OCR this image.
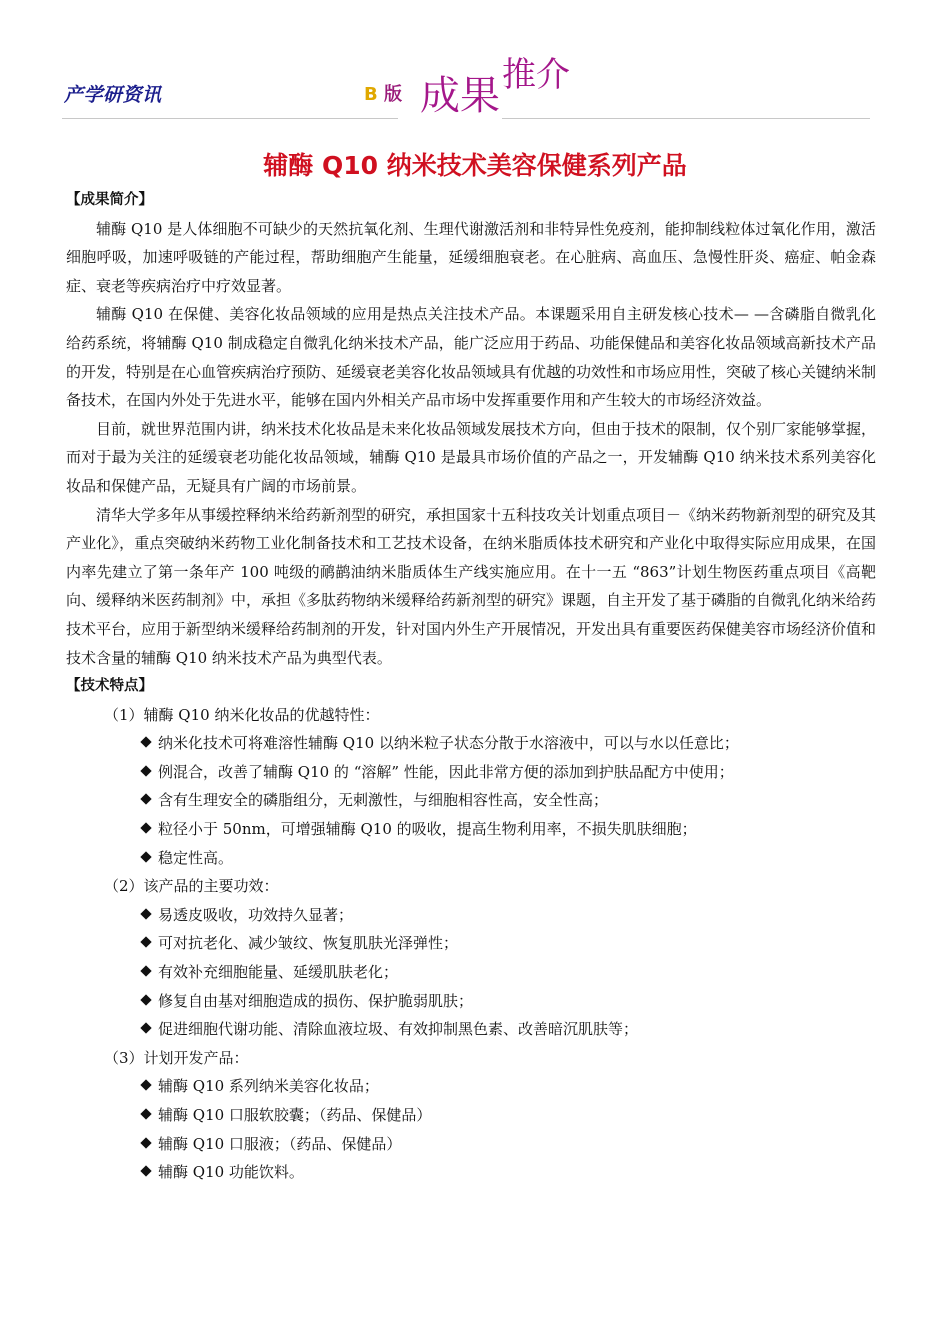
产学研资讯	B 版 成果 推介
辅酶 Q10 纳米技术美容保健系列产品

【成果简介】

辅酶 Q10 是人体细胞不可缺少的天然抗氧化剂、生理代谢激活剂和非特异性免疫剂，能抑制线粒体过氧化作用，激活细胞呼吸，加速呼吸链的产能过程，帮助细胞产生能量，延缓细胞衰老。在心脏病、高血压、急慢性肝炎、癌症、帕金森症、衰老等疾病治疗中疗效显著。

辅酶 Q10 在保健、美容化妆品领域的应用是热点关注技术产品。本课题采用自主研发核心技术— —含磷脂自微乳化给药系统，将辅酶 Q10 制成稳定自微乳化纳米技术产品，能广泛应用于药品、功能保健品和美容化妆品领域高新技术产品的开发，特别是在心血管疾病治疗预防、延缓衰老美容化妆品领域具有优越的功效性和市场应用性，突破了核心关键纳米制备技术，在国内外处于先进水平，能够在国内外相关产品市场中发挥重要作用和产生较大的市场经济效益。

目前，就世界范围内讲，纳米技术化妆品是未来化妆品领域发展技术方向，但由于技术的限制，仅个别厂家能够掌握，而对于最为关注的延缓衰老功能化妆品领域，辅酶 Q10 是最具市场价值的产品之一，开发辅酶 Q10 纳米技术系列美容化妆品和保健产品，无疑具有广阔的市场前景。

清华大学多年从事缓控释纳米给药新剂型的研究，承担国家十五科技攻关计划重点项目－《纳米药物新剂型的研究及其产业化》，重点突破纳米药物工业化制备技术和工艺技术设备，在纳米脂质体技术研究和产业化中取得实际应用成果，在国内率先建立了第一条年产 100 吨级的鸸鹋油纳米脂质体生产线实施应用。在十一五 “863”计划生物医药重点项目《高靶向、缓释纳米医药制剂》中，承担《多肽药物纳米缓释给药新剂型的研究》课题，自主开发了基于磷脂的自微乳化纳米给药技术平台，应用于新型纳米缓释给药制剂的开发，针对国内外生产开展情况，开发出具有重要医药保健美容市场经济价值和技术含量的辅酶 Q10 纳米技术产品为典型代表。

【技术特点】

（1）辅酶 Q10 纳米化妆品的优越特性：

纳米化技术可将难溶性辅酶 Q10 以纳米粒子状态分散于水溶液中，可以与水以任意比；

例混合，改善了辅酶 Q10 的 “溶解” 性能，因此非常方便的添加到护肤品配方中使用；

含有生理安全的磷脂组分，无刺激性，与细胞相容性高，安全性高；

粒径小于 50nm，可增强辅酶 Q10 的吸收，提高生物利用率，不损失肌肤细胞；

稳定性高。

（2）该产品的主要功效：

易透皮吸收，功效持久显著；

可对抗老化、减少皱纹、恢复肌肤光泽弹性；

有效补充细胞能量、延缓肌肤老化；

修复自由基对细胞造成的损伤、保护脆弱肌肤；

促进细胞代谢功能、清除血液垃圾、有效抑制黑色素、改善暗沉肌肤等；

（3）计划开发产品：

辅酶 Q10 系列纳米美容化妆品；

辅酶 Q10 口服软胶囊；（药品、保健品）

辅酶 Q10 口服液；（药品、保健品）

辅酶 Q10 功能饮料。
